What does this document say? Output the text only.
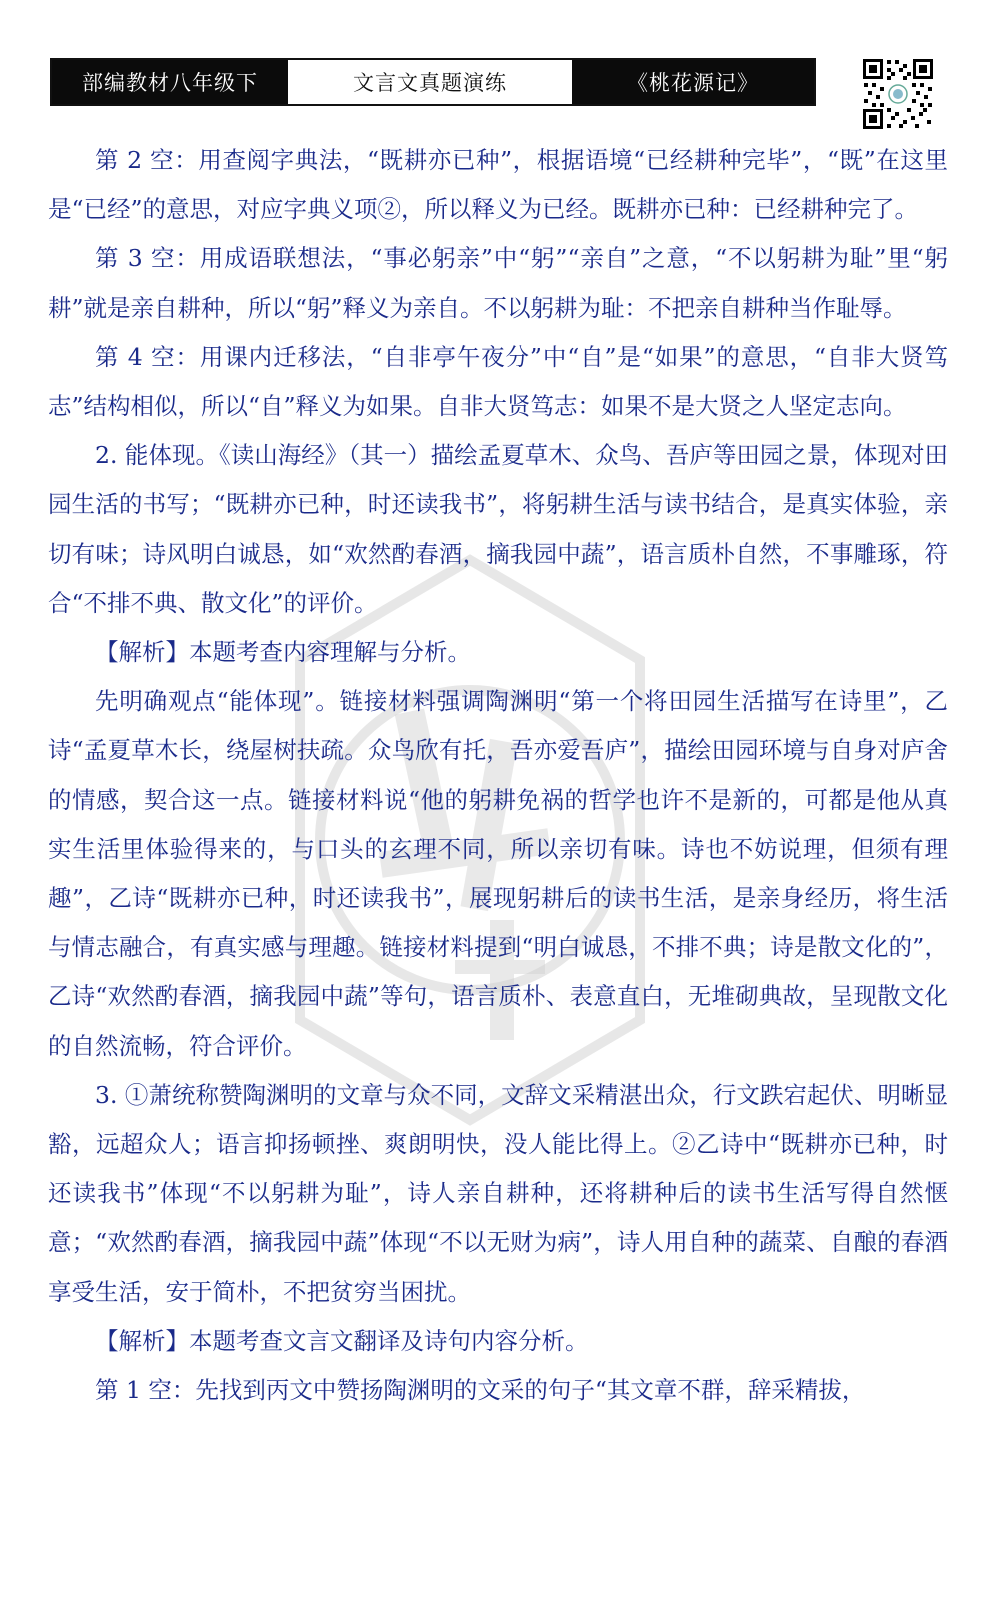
部编教材八年级下	文言文真题演练	《桃花源记》

第 2 空：用查阅字典法，“既耕亦已种”，根据语境“已经耕种完毕”，“既”在这里是“已经”的意思，对应字典义项②，所以释义为已经。既耕亦已种：已经耕种完了。

第 3 空：用成语联想法，“事必躬亲”中“躬”“亲自”之意，“不以躬耕为耻”里“躬耕”就是亲自耕种，所以“躬”释义为亲自。不以躬耕为耻：不把亲自耕种当作耻辱。

第 4 空：用课内迁移法，“自非亭午夜分”中“自”是“如果”的意思，“自非大贤笃志”结构相似，所以“自”释义为如果。自非大贤笃志：如果不是大贤之人坚定志向。

2. 能体现。《读山海经》（其一）描绘孟夏草木、众鸟、吾庐等田园之景，体现对田园生活的书写；“既耕亦已种，时还读我书”，将躬耕生活与读书结合，是真实体验，亲切有味；诗风明白诚恳，如“欢然酌春酒，摘我园中蔬”，语言质朴自然，不事雕琢，符合“不排不典、散文化”的评价。

【解析】本题考查内容理解与分析。

先明确观点“能体现”。链接材料强调陶渊明“第一个将田园生活描写在诗里”，乙诗“孟夏草木长，绕屋树扶疏。众鸟欣有托，吾亦爱吾庐”，描绘田园环境与自身对庐舍的情感，契合这一点。链接材料说“他的躬耕免祸的哲学也许不是新的，可都是他从真实生活里体验得来的，与口头的玄理不同，所以亲切有味。诗也不妨说理，但须有理趣”，乙诗“既耕亦已种，时还读我书”，展现躬耕后的读书生活，是亲身经历，将生活与情志融合，有真实感与理趣。链接材料提到“明白诚恳，不排不典；诗是散文化的”，乙诗“欢然酌春酒，摘我园中蔬”等句，语言质朴、表意直白，无堆砌典故，呈现散文化的自然流畅，符合评价。

3. ①萧统称赞陶渊明的文章与众不同，文辞文采精湛出众，行文跌宕起伏、明晰显豁，远超众人；语言抑扬顿挫、爽朗明快，没人能比得上。②乙诗中“既耕亦已种，时还读我书”体现“不以躬耕为耻”，诗人亲自耕种，还将耕种后的读书生活写得自然惬意；“欢然酌春酒，摘我园中蔬”体现“不以无财为病”，诗人用自种的蔬菜、自酿的春酒享受生活，安于简朴，不把贫穷当困扰。

【解析】本题考查文言文翻译及诗句内容分析。

第 1 空：先找到丙文中赞扬陶渊明的文采的句子“其文章不群，辞采精拔，
